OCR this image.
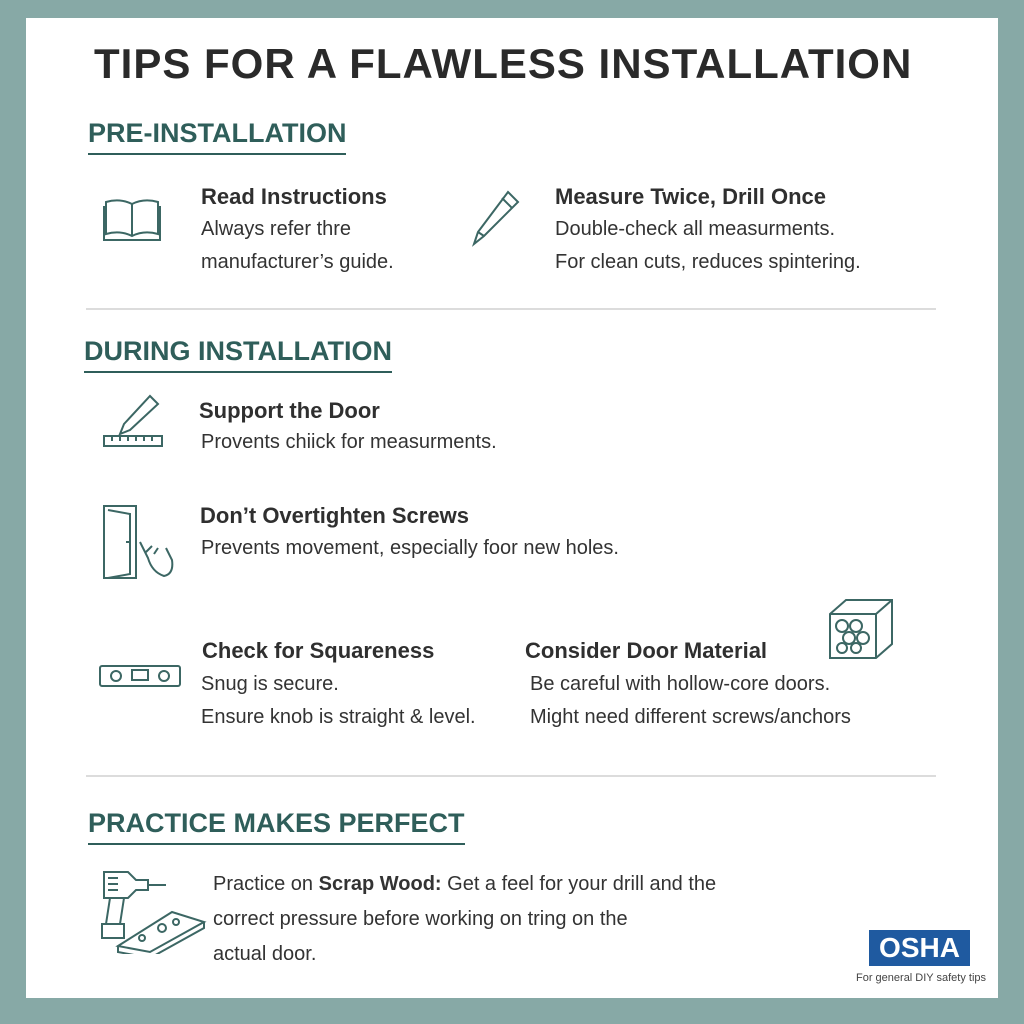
TIPS FOR A FLAWLESS INSTALLATION
PRE-INSTALLATION
Read Instructions
Always refer thre
manufacturer’s guide.
Measure Twice, Drill Once
Double-check all measurments.
For clean cuts, reduces spintering.
DURING INSTALLATION
Support the Door
Provents chiick for measurments.
Don’t Overtighten Screws
Prevents movement, especially foor new holes.
Check for Squareness
Snug is secure.
Ensure knob is straight & level.
Consider Door Material
Be careful with hollow-core doors.
Might need different screws/anchors
PRACTICE MAKES PERFECT
Practice on Scrap Wood: Get a feel for your drill and the
correct pressure before working on tring on the
actual door.	OSHA
For general DIY safety tips
